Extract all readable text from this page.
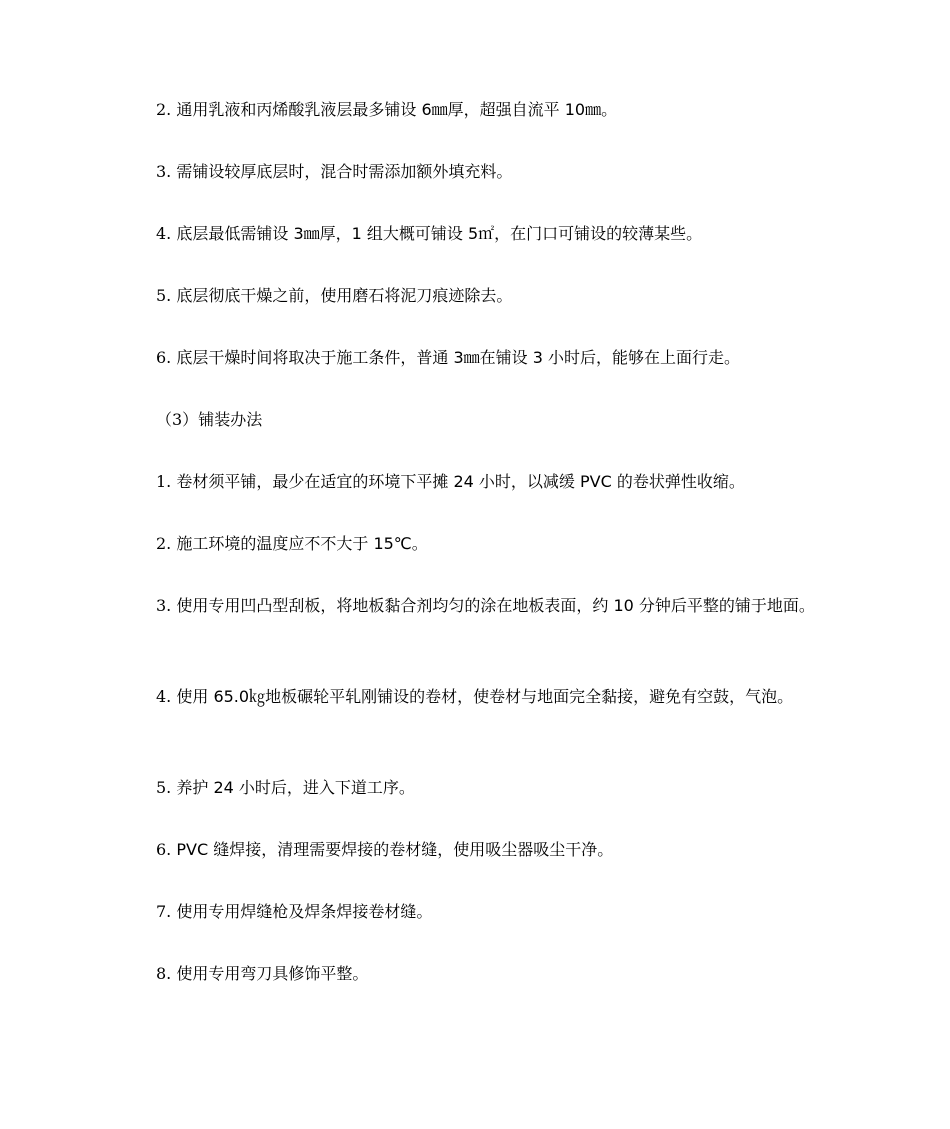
2. 通用乳液和丙烯酸乳液层最多铺设 6㎜厚，超强自流平 10㎜。

3. 需铺设较厚底层时，混合时需添加额外填充料。

4. 底层最低需铺设 3㎜厚，1 组大概可铺设 5㎡，在门口可铺设的较薄某些。

5. 底层彻底干燥之前，使用磨石将泥刀痕迹除去。

6. 底层干燥时间将取决于施工条件，普通 3㎜在铺设 3 小时后，能够在上面行走。

（3）铺装办法

1. 卷材须平铺，最少在适宜的环境下平摊 24 小时，以减缓 PVC 的卷状弹性收缩。

2. 施工环境的温度应不不大于 15℃。

3. 使用专用凹凸型刮板，将地板黏合剂均匀的涂在地板表面，约 10 分钟后平整的铺于地面。

4. 使用 65.0㎏地板碾轮平轧刚铺设的卷材，使卷材与地面完全黏接，避免有空鼓，气泡。

5. 养护 24 小时后，进入下道工序。

6. PVC 缝焊接，清理需要焊接的卷材缝，使用吸尘器吸尘干净。

7. 使用专用焊缝枪及焊条焊接卷材缝。

8. 使用专用弯刀具修饰平整。
